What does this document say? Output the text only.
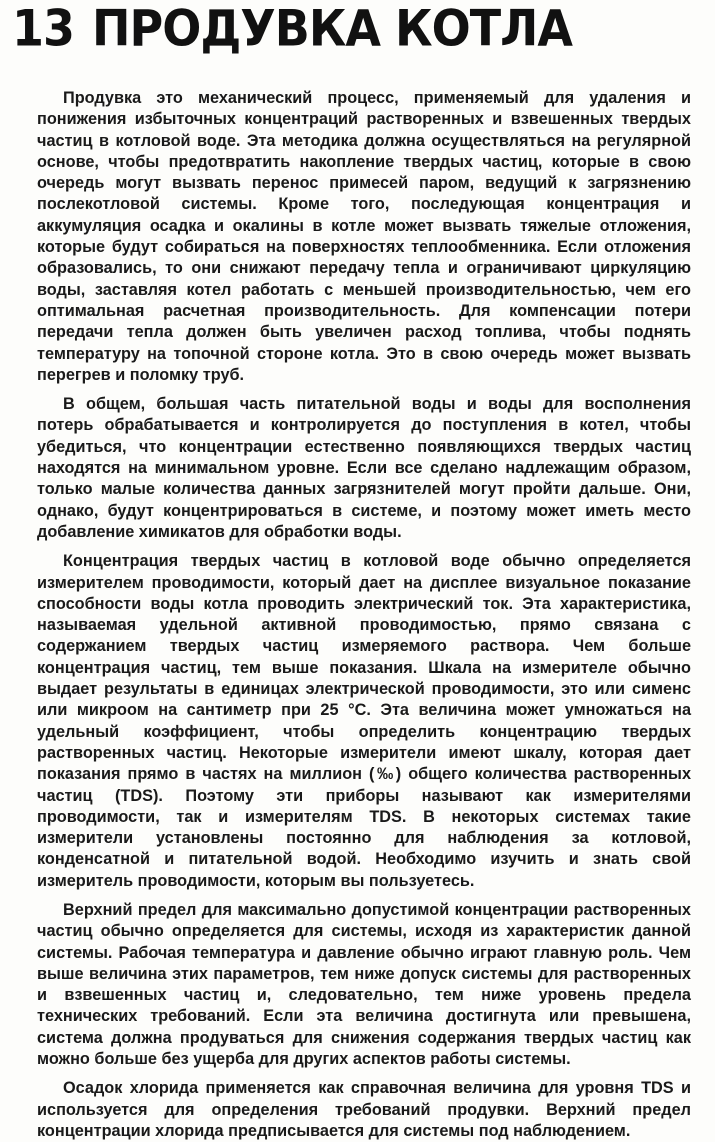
13 ПРОДУВКА КОТЛА

Продувка это механический процесс, применяемый для удаления и понижения избыточных концентраций растворенных и взвешенных твердых частиц в котловой воде. Эта методика должна осуществляться на регулярной основе, чтобы предотвратить накопление твердых частиц, которые в свою очередь могут вызвать перенос примесей паром, ведущий к загрязнению послекотловой системы. Кроме того, последующая концентрация и аккумуляция осадка и окалины в котле может вызвать тяжелые отложения, которые будут собираться на поверхностях теплообменника. Если отложения образовались, то они снижают передачу тепла и ограничивают циркуляцию воды, заставляя котел работать с меньшей производительностью, чем его оптимальная расчетная производительность. Для компенсации потери передачи тепла должен быть увеличен расход топлива, чтобы поднять температуру на топочной стороне котла. Это в свою очередь может вызвать перегрев и поломку труб.

В общем, большая часть питательной воды и воды для восполнения потерь обрабатывается и контролируется до поступления в котел, чтобы убедиться, что концентрации естественно появляющихся твердых частиц находятся на минимальном уровне. Если все сделано надлежащим образом, только малые количества данных загрязнителей могут пройти дальше. Они, однако, будут концентрироваться в системе, и поэтому может иметь место добавление химикатов для обработки воды.

Концентрация твердых частиц в котловой воде обычно определяется измерителем проводимости, который дает на дисплее визуальное показание способности воды котла проводить электрический ток. Эта характеристика, называемая удельной активной проводимостью, прямо связана с содержанием твердых частиц измеряемого раствора. Чем больше концентрация частиц, тем выше показания. Шкала на измерителе обычно выдает результаты в единицах электрической проводимости, это или сименс или микроом на сантиметр при 25 °С. Эта величина может умножаться на удельный коэффициент, чтобы определить концентрацию твердых растворенных частиц. Некоторые измерители имеют шкалу, которая дает показания прямо в частях на миллион (‰) общего количества растворенных частиц (TDS). Поэтому эти приборы называют как измерителями проводимости, так и измерителям TDS. В некоторых системах такие измерители установлены постоянно для наблюдения за котловой, конденсатной и питательной водой. Необходимо изучить и знать свой измеритель проводимости, которым вы пользуетесь.

Верхний предел для максимально допустимой концентрации растворенных частиц обычно определяется для системы, исходя из характеристик данной системы. Рабочая температура и давление обычно играют главную роль. Чем выше величина этих параметров, тем ниже допуск системы для растворенных и взвешенных частиц и, следовательно, тем ниже уровень предела технических требований. Если эта величина достигнута или превышена, система должна продуваться для снижения содержания твердых частиц как можно больше без ущерба для других аспектов работы системы.

Осадок хлорида применяется как справочная величина для уровня TDS и используется для определения требований продувки. Верхний предел концентрации хлорида предписывается для системы под наблюдением.
